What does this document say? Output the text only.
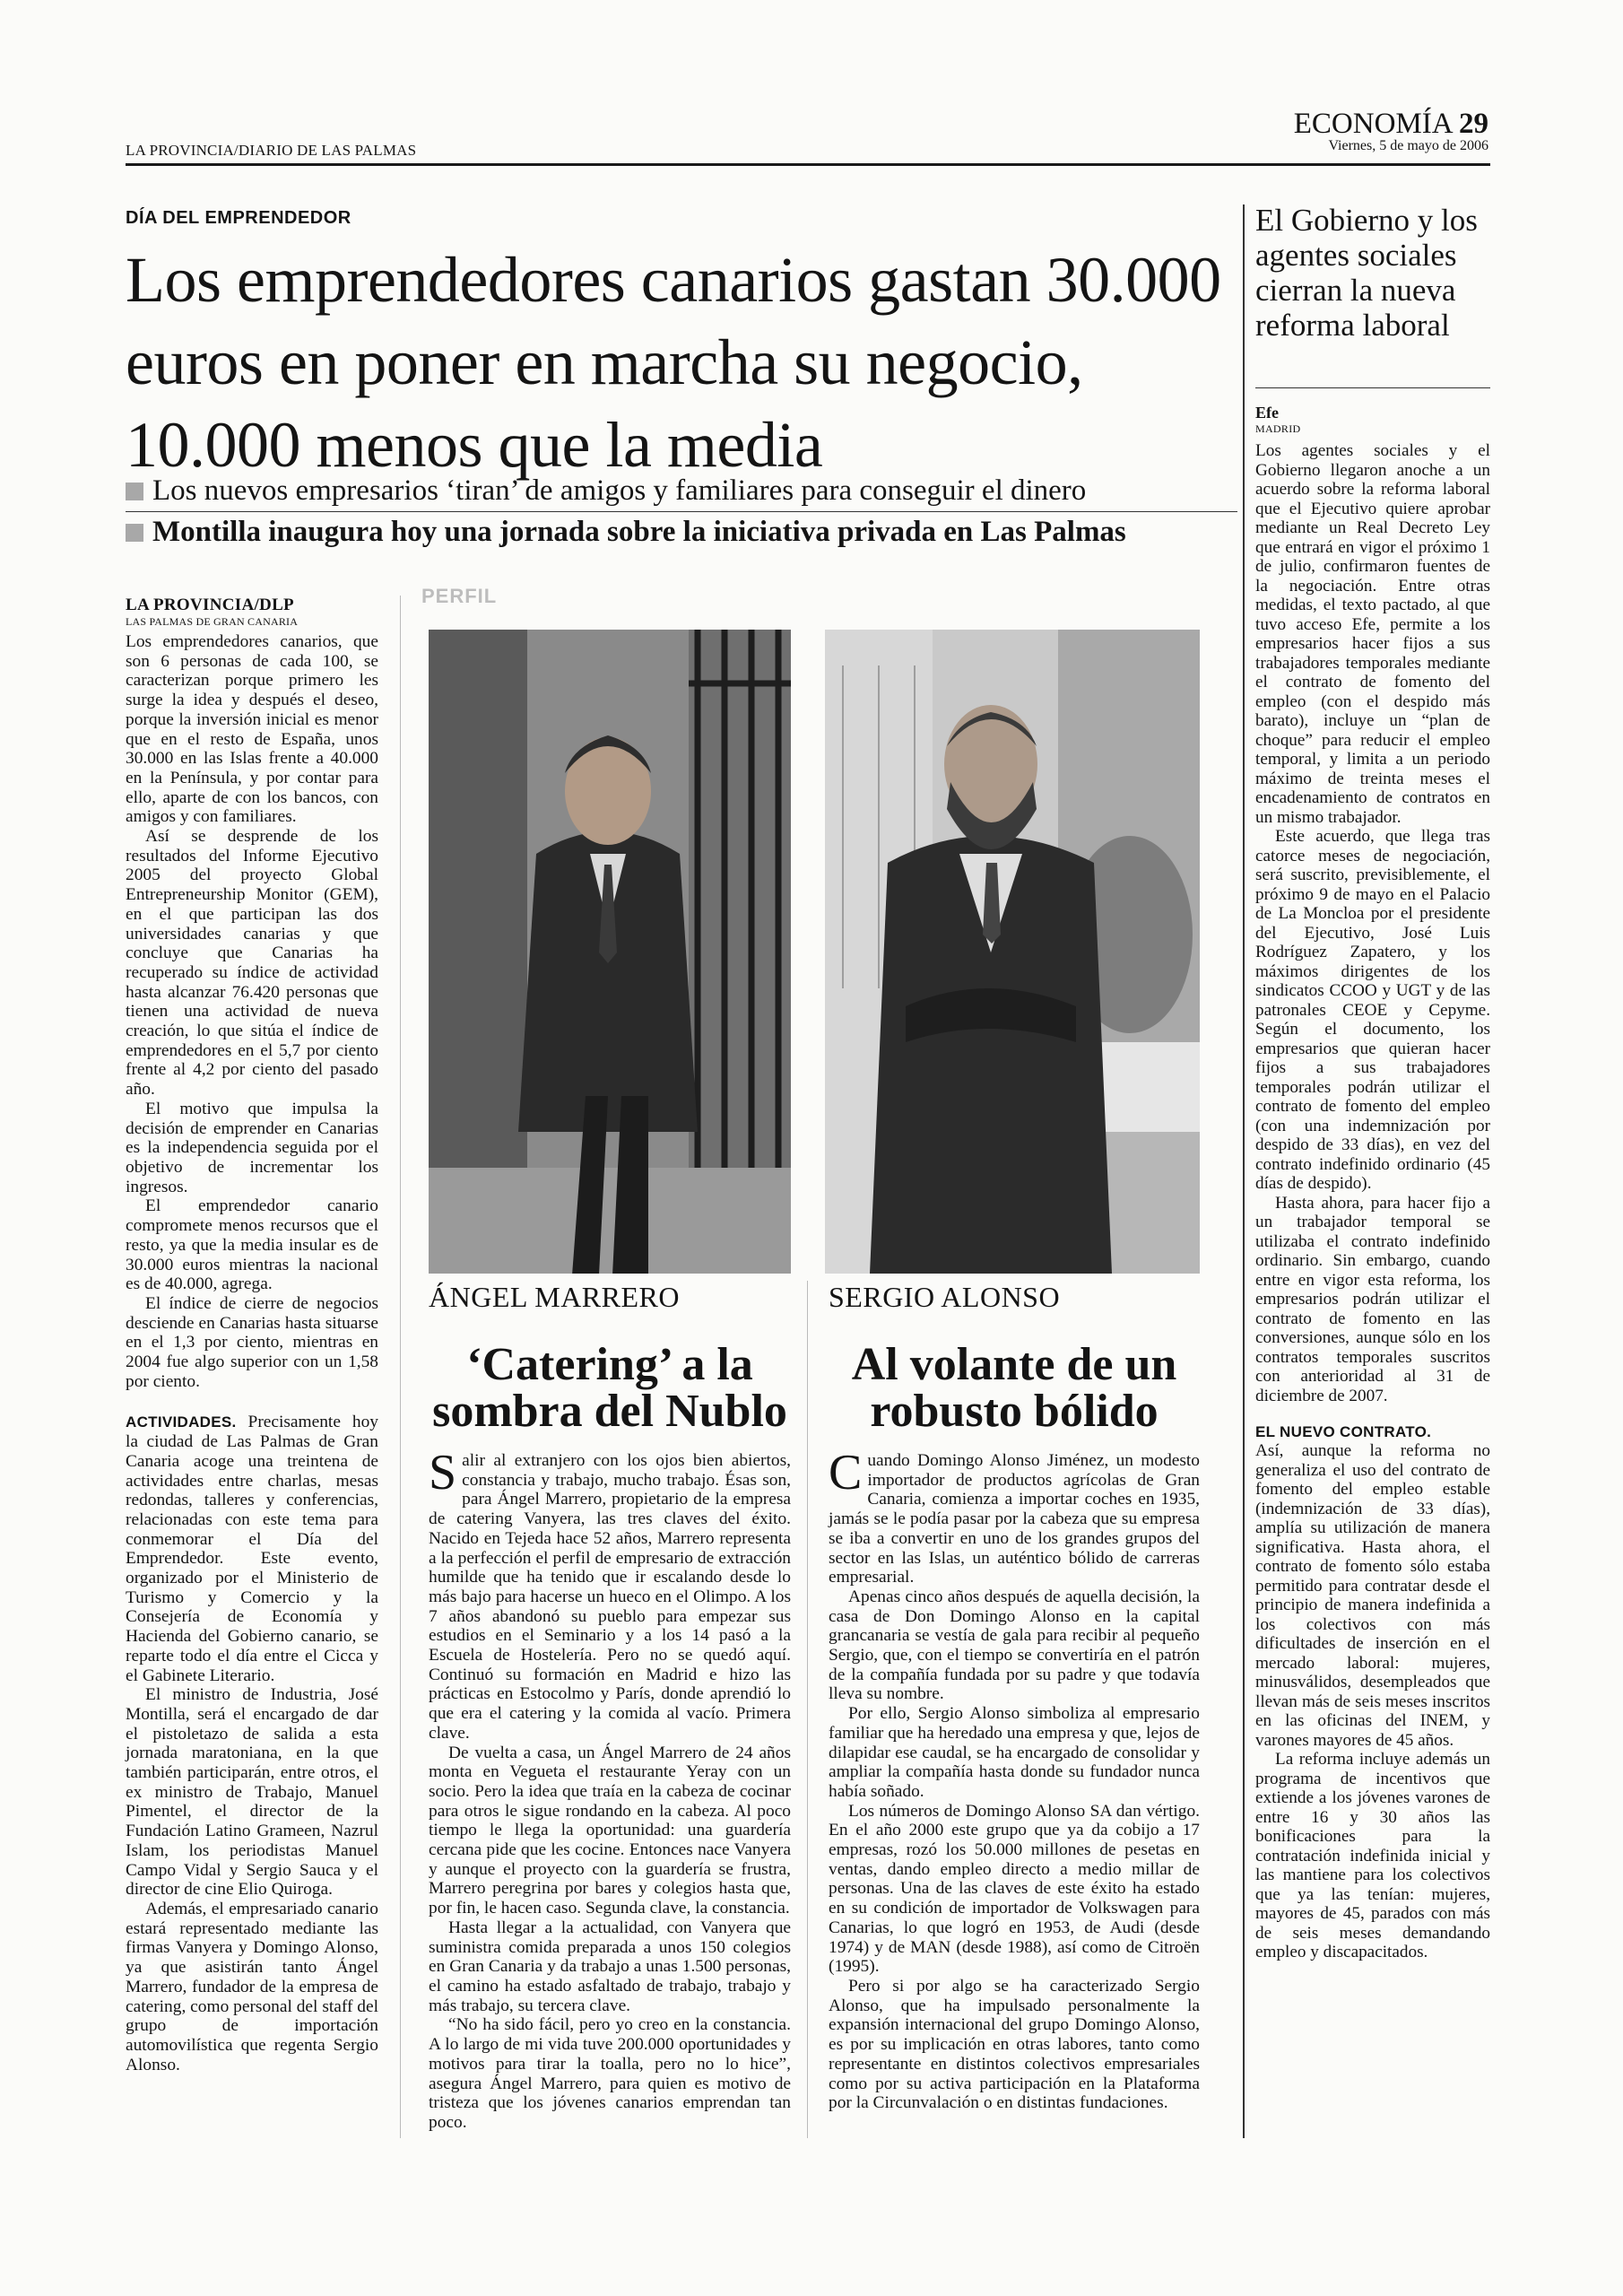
LA PROVINCIA/DIARIO DE LAS PALMAS
ECONOMÍA 29
Viernes, 5 de mayo de 2006
DÍA DEL EMPRENDEDOR
Los emprendedores canarios gastan 30.000 euros en poner en marcha su negocio, 10.000 menos que la media
Los nuevos empresarios ‘tiran’ de amigos y familiares para conseguir el dinero
Montilla inaugura hoy una jornada sobre la iniciativa privada en Las Palmas
LA PROVINCIA/DLP
LAS PALMAS DE GRAN CANARIA

Los emprendedores canarios, que son 6 personas de cada 100, se caracterizan porque primero les surge la idea y después el deseo, porque la inversión inicial es menor que en el resto de España, unos 30.000 en las Islas frente a 40.000 en la Península, y por contar para ello, aparte de con los bancos, con amigos y con familiares.

Así se desprende de los resultados del Informe Ejecutivo 2005 del proyecto Global Entrepreneurship Monitor (GEM), en el que participan las dos universidades canarias y que concluye que Canarias ha recuperado su índice de actividad hasta alcanzar 76.420 personas que tienen una actividad de nueva creación, lo que sitúa el índice de emprendedores en el 5,7 por ciento frente al 4,2 por ciento del pasado año.

El motivo que impulsa la decisión de emprender en Canarias es la independencia seguida por el objetivo de incrementar los ingresos.

El emprendedor canario compromete menos recursos que el resto, ya que la media insular es de 30.000 euros mientras la nacional es de 40.000, agrega.

El índice de cierre de negocios desciende en Canarias hasta situarse en el 1,3 por ciento, mientras en 2004 fue algo superior con un 1,58 por ciento.

ACTIVIDADES. Precisamente hoy la ciudad de Las Palmas de Gran Canaria acoge una treintena de actividades entre charlas, mesas redondas, talleres y conferencias, relacionadas con este tema para conmemorar el Día del Emprendedor. Este evento, organizado por el Ministerio de Turismo y Comercio y la Consejería de Economía y Hacienda del Gobierno canario, se reparte todo el día entre el Cicca y el Gabinete Literario.

El ministro de Industria, José Montilla, será el encargado de dar el pistoletazo de salida a esta jornada maratoniana, en la que también participarán, entre otros, el ex ministro de Trabajo, Manuel Pimentel, el director de la Fundación Latino Grameen, Nazrul Islam, los periodistas Manuel Campo Vidal y Sergio Sauca y el director de cine Elio Quiroga.

Además, el empresariado canario estará representado mediante las firmas Vanyera y Domingo Alonso, ya que asistirán tanto Ángel Marrero, fundador de la empresa de catering, como personal del staff del grupo de importación automovilística que regenta Sergio Alonso.

PERFIL
ÁNGEL MARRERO
‘Catering’ a la sombra del Nublo

Salir al extranjero con los ojos bien abiertos, constancia y trabajo, mucho trabajo. Ésas son, para Ángel Marrero, propietario de la empresa de catering Vanyera, las tres claves del éxito. Nacido en Tejeda hace 52 años, Marrero representa a la perfección el perfil de empresario de extracción humilde que ha tenido que ir escalando desde lo más bajo para hacerse un hueco en el Olimpo. A los 7 años abandonó su pueblo para empezar sus estudios en el Seminario y a los 14 pasó a la Escuela de Hostelería. Pero no se quedó aquí. Continuó su formación en Madrid e hizo las prácticas en Estocolmo y París, donde aprendió lo que era el catering y la comida al vacío. Primera clave.

De vuelta a casa, un Ángel Marrero de 24 años monta en Vegueta el restaurante Yeray con un socio. Pero la idea que traía en la cabeza de cocinar para otros le sigue rondando en la cabeza. Al poco tiempo le llega la oportunidad: una guardería cercana pide que les cocine. Entonces nace Vanyera y aunque el proyecto con la guardería se frustra, Marrero peregrina por bares y colegios hasta que, por fin, le hacen caso. Segunda clave, la constancia.

Hasta llegar a la actualidad, con Vanyera que suministra comida preparada a unos 150 colegios en Gran Canaria y da trabajo a unas 1.500 personas, el camino ha estado asfaltado de trabajo, trabajo y más trabajo, su tercera clave.

“No ha sido fácil, pero yo creo en la constancia. A lo largo de mi vida tuve 200.000 oportunidades y motivos para tirar la toalla, pero no lo hice”, asegura Ángel Marrero, para quien es motivo de tristeza que los jóvenes canarios emprendan tan poco.

SERGIO ALONSO
Al volante de un robusto bólido

Cuando Domingo Alonso Jiménez, un modesto importador de productos agrícolas de Gran Canaria, comienza a importar coches en 1935, jamás se le podía pasar por la cabeza que su empresa se iba a convertir en uno de los grandes grupos del sector en las Islas, un auténtico bólido de carreras empresarial.

Apenas cinco años después de aquella decisión, la casa de Don Domingo Alonso en la capital grancanaria se vestía de gala para recibir al pequeño Sergio, que, con el tiempo se convertiría en el patrón de la compañía fundada por su padre y que todavía lleva su nombre.

Por ello, Sergio Alonso simboliza al empresario familiar que ha heredado una empresa y que, lejos de dilapidar ese caudal, se ha encargado de consolidar y ampliar la compañía hasta donde su fundador nunca había soñado.

Los números de Domingo Alonso SA dan vértigo. En el año 2000 este grupo que ya da cobijo a 17 empresas, rozó los 50.000 millones de pesetas en ventas, dando empleo directo a medio millar de personas. Una de las claves de este éxito ha estado en su condición de importador de Volkswagen para Canarias, lo que logró en 1953, de Audi (desde 1974) y de MAN (desde 1988), así como de Citroën (1995).

Pero si por algo se ha caracterizado Sergio Alonso, que ha impulsado personalmente la expansión internacional del grupo Domingo Alonso, es por su implicación en otras labores, tanto como representante en distintos colectivos empresariales como por su activa participación en la Plataforma por la Circunvalación o en distintas fundaciones.

El Gobierno y los agentes sociales cierran la nueva reforma laboral
Efe
MADRID

Los agentes sociales y el Gobierno llegaron anoche a un acuerdo sobre la reforma laboral que el Ejecutivo quiere aprobar mediante un Real Decreto Ley que entrará en vigor el próximo 1 de julio, confirmaron fuentes de la negociación. Entre otras medidas, el texto pactado, al que tuvo acceso Efe, permite a los empresarios hacer fijos a sus trabajadores temporales mediante el contrato de fomento del empleo (con el despido más barato), incluye un “plan de choque” para reducir el empleo temporal, y limita a un periodo máximo de treinta meses el encadenamiento de contratos en un mismo trabajador.

Este acuerdo, que llega tras catorce meses de negociación, será suscrito, previsiblemente, el próximo 9 de mayo en el Palacio de La Moncloa por el presidente del Ejecutivo, José Luis Rodríguez Zapatero, y los máximos dirigentes de los sindicatos CCOO y UGT y de las patronales CEOE y Cepyme. Según el documento, los empresarios que quieran hacer fijos a sus trabajadores temporales podrán utilizar el contrato de fomento del empleo (con una indemnización por despido de 33 días), en vez del contrato indefinido ordinario (45 días de despido).

Hasta ahora, para hacer fijo a un trabajador temporal se utilizaba el contrato indefinido ordinario. Sin embargo, cuando entre en vigor esta reforma, los empresarios podrán utilizar el contrato de fomento en las conversiones, aunque sólo en los contratos temporales suscritos con anterioridad al 31 de diciembre de 2007.

EL NUEVO CONTRATO.

Así, aunque la reforma no generaliza el uso del contrato de fomento del empleo estable (indemnización de 33 días), amplía su utilización de manera significativa. Hasta ahora, el contrato de fomento sólo estaba permitido para contratar desde el principio de manera indefinida a los colectivos con más dificultades de inserción en el mercado laboral: mujeres, minusválidos, desempleados que llevan más de seis meses inscritos en las oficinas del INEM, y varones mayores de 45 años.

La reforma incluye además un programa de incentivos que extiende a los jóvenes varones de entre 16 y 30 años las bonificaciones para la contratación indefinida inicial y las mantiene para los colectivos que ya las tenían: mujeres, mayores de 45, parados con más de seis meses demandando empleo y discapacitados.
